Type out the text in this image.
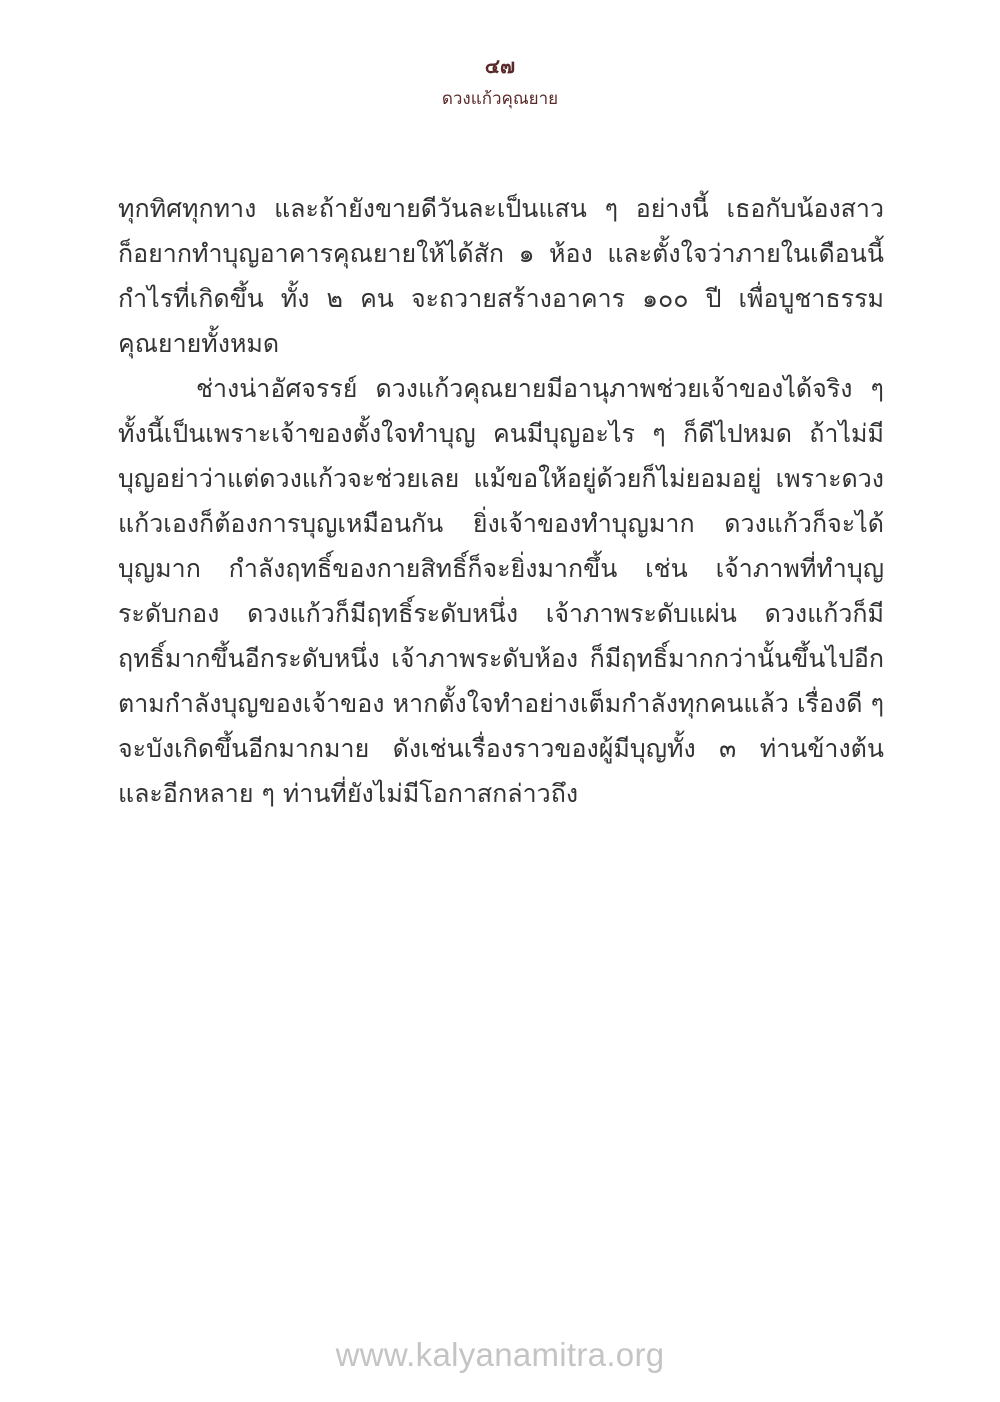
๔๗
ดวงแก้วคุณยาย
ทุกทิศทุกทาง และถ้ายังขายดีวันละเป็นแสน ๆ อย่างนี้ เธอกับน้องสาว
ก็อยากทำบุญอาคารคุณยายให้ได้สัก ๑ ห้อง และตั้งใจว่าภายในเดือนนี้
กำไรที่เกิดขึ้น ทั้ง ๒ คน จะถวายสร้างอาคาร ๑๐๐ ปี เพื่อบูชาธรรม
คุณยายทั้งหมด
ช่างน่าอัศจรรย์ ดวงแก้วคุณยายมีอานุภาพช่วยเจ้าของได้จริง ๆ
ทั้งนี้เป็นเพราะเจ้าของตั้งใจทำบุญ คนมีบุญอะไร ๆ ก็ดีไปหมด ถ้าไม่มี
บุญอย่าว่าแต่ดวงแก้วจะช่วยเลย แม้ขอให้อยู่ด้วยก็ไม่ยอมอยู่ เพราะดวง
แก้วเองก็ต้องการบุญเหมือนกัน ยิ่งเจ้าของทำบุญมาก ดวงแก้วก็จะได้
บุญมาก กำลังฤทธิ์ของกายสิทธิ์ก็จะยิ่งมากขึ้น เช่น เจ้าภาพที่ทำบุญ
ระดับกอง ดวงแก้วก็มีฤทธิ์ระดับหนึ่ง เจ้าภาพระดับแผ่น ดวงแก้วก็มี
ฤทธิ์มากขึ้นอีกระดับหนึ่ง เจ้าภาพระดับห้อง ก็มีฤทธิ์มากกว่านั้นขึ้นไปอีก
ตามกำลังบุญของเจ้าของ หากตั้งใจทำอย่างเต็มกำลังทุกคนแล้ว เรื่องดี ๆ
จะบังเกิดขึ้นอีกมากมาย ดังเช่นเรื่องราวของผู้มีบุญทั้ง ๓ ท่านข้างต้น
และอีกหลาย ๆ ท่านที่ยังไม่มีโอกาสกล่าวถึง
www.kalyanamitra.org
